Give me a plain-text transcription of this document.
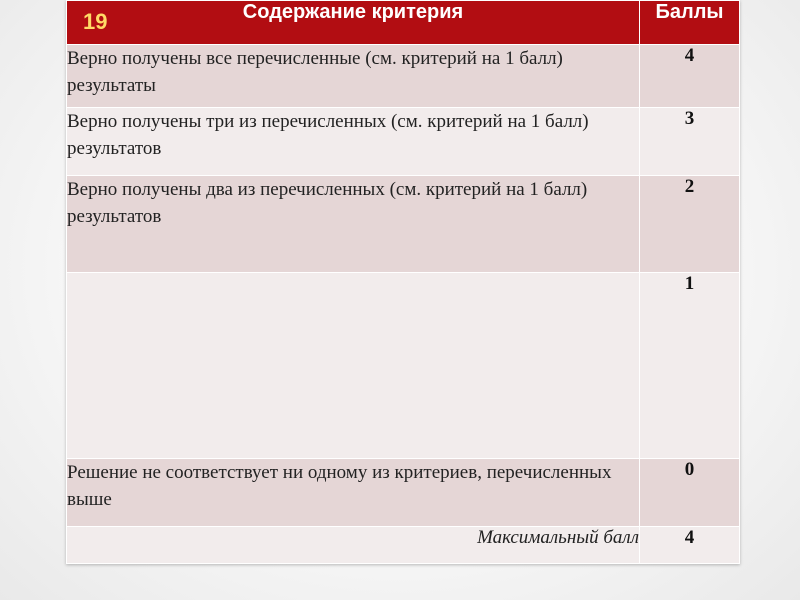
19 Содержание критерия	Баллы
Верно получены все перечисленные (см. критерий на 1 балл) результаты	4
Верно получены три из перечисленных (см. критерий на 1 балл) результатов	3
Верно получены два из перечисленных (см. критерий на 1 балл) результатов	2
	1
Решение не соответствует ни одному из критериев, перечисленных выше	0
Максимальный балл	4
